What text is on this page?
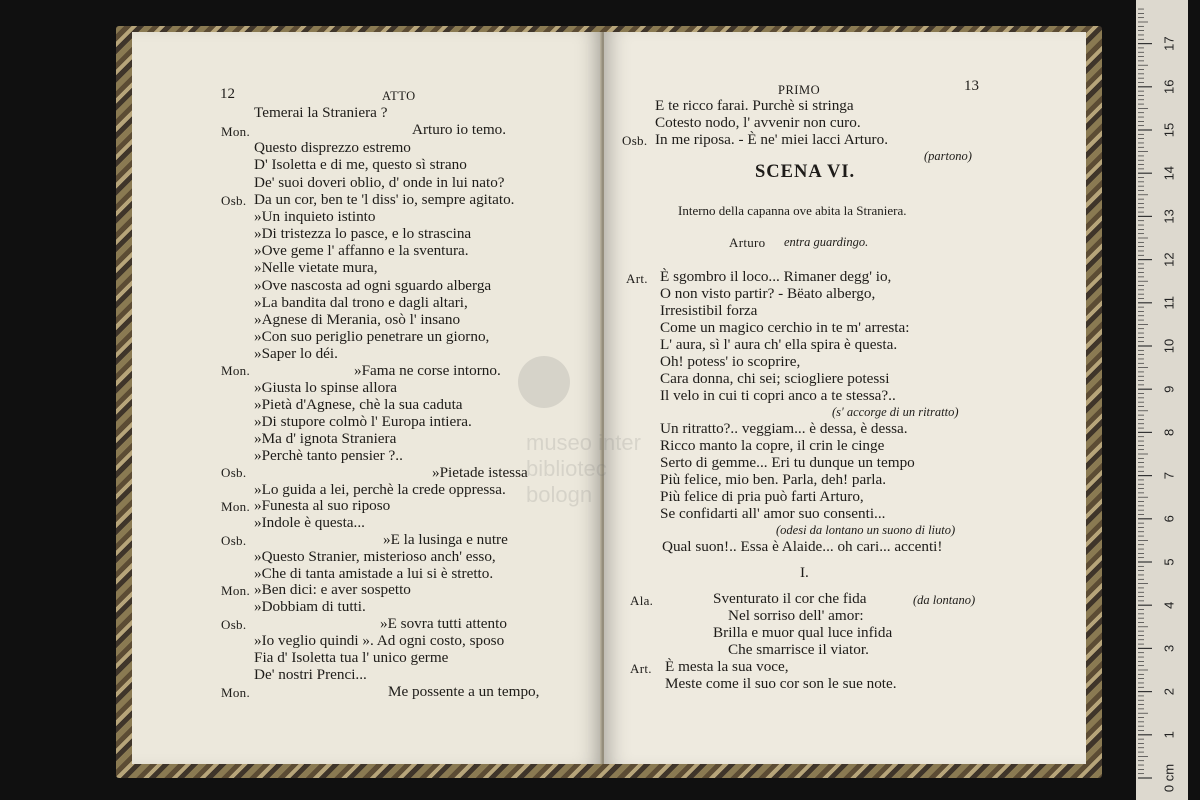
12	ATTO
Temerai la Straniera ?
Mon.	Arturo io temo.
Questo disprezzo estremo
D' Isoletta e di me, questo sì strano
De' suoi doveri oblio, d' onde in lui nato?
Osb. Da un cor, ben te 'l diss' io, sempre agitato.
»Un inquieto istinto
»Di tristezza lo pasce, e lo strascina
»Ove geme l' affanno e la sventura.
»Nelle vietate mura,
»Ove nascosta ad ogni sguardo alberga
»La bandita dal trono e dagli altari,
»Agnese di Merania, osò l' insano
»Con suo periglio penetrare un giorno,
»Saper lo déi.
Mon.	»Fama ne corse intorno.
»Giusta lo spinse allora
»Pietà d'Agnese, chè la sua caduta
»Di stupore colmò l' Europa intiera.
»Ma d' ignota Straniera
»Perchè tanto pensier ?..
Osb.	»Pietade istessa
»Lo guida a lei, perchè la crede oppressa.
Mon. »Funesta al suo riposo
»Indole è questa...
Osb.	»E la lusinga e nutre
»Questo Stranier, misterioso anch' esso,
»Che di tanta amistade a lui si è stretto.
Mon. »Ben dici: e aver sospetto
»Dobbiam di tutti.
Osb.	»E sovra tutti attento
»Io veglio quindi ». Ad ogni costo, sposo
Fia d' Isoletta tua l' unico germe
De' nostri Prenci...
Mon.	Me possente a un tempo,
PRIMO	13
E te ricco farai. Purchè si stringa
Cotesto nodo, l' avvenir non curo.
Osb. In me riposa. - È ne' miei lacci Arturo.
(partono)
SCENA VI.
Interno della capanna ove abita la Straniera.
Arturo entra guardingo.
Art. È sgombro il loco... Rimaner degg' io,
O non visto partir? - Bëato albergo,
Irresistibil forza
Come un magico cerchio in te m' arresta:
L' aura, sì l' aura ch' ella spira è questa.
Oh! potess' io scoprire,
Cara donna, chi sei; sciogliere potessi
Il velo in cui ti copri anco a te stessa?..
(s' accorge di un ritratto)
Un ritratto?.. veggiam... è dessa, è dessa.
Ricco manto la copre, il crin le cinge
Serto di gemme... Eri tu dunque un tempo
Più felice, mio ben. Parla, deh! parla.
Più felice di pria può farti Arturo,
Se confidarti all' amor suo consenti...
(odesi da lontano un suono di liuto)
Qual suon!.. Essa è Alaide... oh cari... accenti!
I.
Ala.	Sventurato il cor che fida	(da lontano)
Nel sorriso dell' amor:
Brilla e muor qual luce infida
Che smarrisce il viator.
Art. È mesta la sua voce,
Meste come il suo cor son le sue note.
0 cm
1
2
3
4
5
6
7
8
9
10
11
12
13
14
15
16
17
